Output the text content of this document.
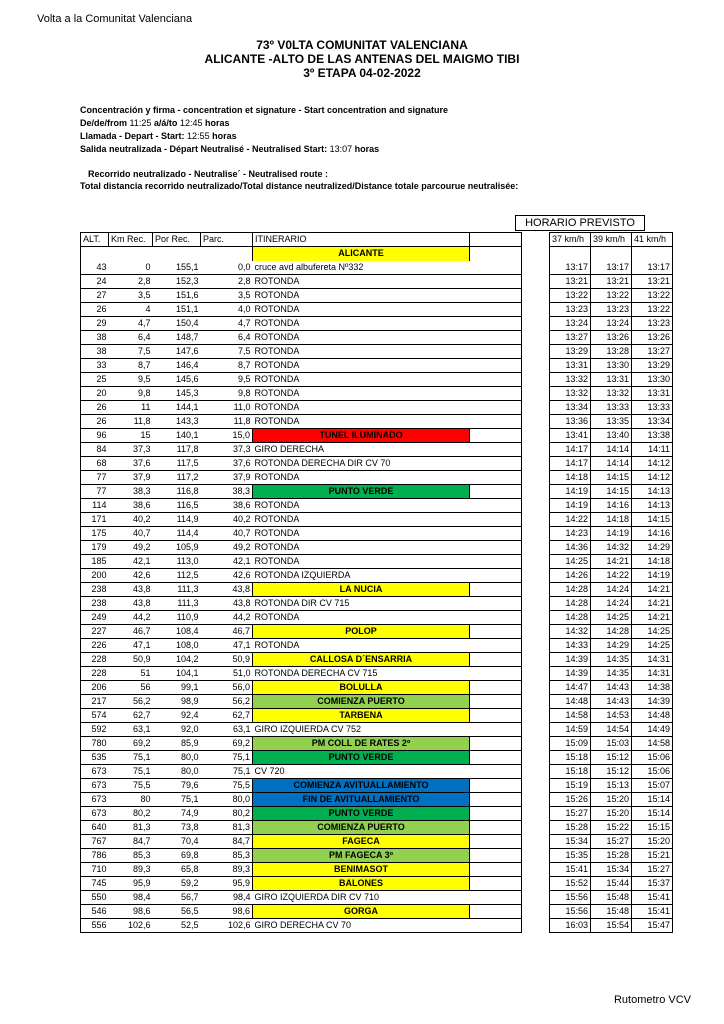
Volta a la Comunitat Valenciana
73º V0LTA COMUNITAT VALENCIANA
ALICANTE -ALTO DE LAS ANTENAS DEL MAIGMO TIBI
3º ETAPA 04-02-2022
Concentración y firma - concentration et signature - Start concentration and signature
De/de/from 11:25 a/á/to 12:45 horas
Llamada - Depart - Start: 12:55 horas
Salida neutralizada - Départ Neutralisé - Neutralised Start: 13:07 horas
Recorrido neutralizado - Neutralise´ - Neutralised route :
Total distancia recorrido neutralizado/Total distance neutralized/Distance totale parcourue neutralisée:
HORARIO PREVISTO
ALT.	Km Rec.	Por Rec.	Parc.	ITINERARIO			37 km/h	39 km/h	41 km/h
				ALICANTE					
43	0	155,1	0,0	cruce avd albufereta Nº332			13:17	13:17	13:17
24	2,8	152,3	2,8	ROTONDA			13:21	13:21	13:21
27	3,5	151,6	3,5	ROTONDA			13:22	13:22	13:22
26	4	151,1	4,0	ROTONDA			13:23	13:23	13:22
29	4,7	150,4	4,7	ROTONDA			13:24	13:24	13:23
38	6,4	148,7	6,4	ROTONDA			13:27	13:26	13:26
38	7,5	147,6	7,5	ROTONDA			13:29	13:28	13:27
33	8,7	146,4	8,7	ROTONDA			13:31	13:30	13:29
25	9,5	145,6	9,5	ROTONDA			13:32	13:31	13:30
20	9,8	145,3	9,8	ROTONDA			13:32	13:32	13:31
26	11	144,1	11,0	ROTONDA			13:34	13:33	13:33
26	11,8	143,3	11,8	ROTONDA			13:36	13:35	13:34
96	15	140,1	15,0	TUNEL ILUMINADO			13:41	13:40	13:38
84	37,3	117,8	37,3	GIRO DERECHA			14:17	14:14	14:11
68	37,6	117,5	37,6	ROTONDA DERECHA DIR CV 70			14:17	14:14	14:12
77	37,9	117,2	37,9	ROTONDA			14:18	14:15	14:12
77	38,3	116,8	38,3	PUNTO VERDE			14:19	14:15	14:13
114	38,6	116,5	38,6	ROTONDA			14:19	14:16	14:13
171	40,2	114,9	40,2	ROTONDA			14:22	14:18	14:15
175	40,7	114,4	40,7	ROTONDA			14:23	14:19	14:16
179	49,2	105,9	49,2	ROTONDA			14:36	14:32	14:29
185	42,1	113,0	42,1	ROTONDA			14:25	14:21	14:18
200	42,6	112,5	42,6	ROTONDA IZQUIERDA			14:26	14:22	14:19
238	43,8	111,3	43,8	LA NUCIA			14:28	14:24	14:21
238	43,8	111,3	43,8	ROTONDA DIR CV 715			14:28	14:24	14:21
249	44,2	110,9	44,2	ROTONDA			14:28	14:25	14:21
227	46,7	108,4	46,7	POLOP			14:32	14:28	14:25
226	47,1	108,0	47,1	ROTONDA			14:33	14:29	14:25
228	50,9	104,2	50,9	CALLOSA D´ENSARRIA			14:39	14:35	14:31
228	51	104,1	51,0	ROTONDA DERECHA CV 715			14:39	14:35	14:31
206	56	99,1	56,0	BOLULLA			14:47	14:43	14:38
217	56,2	98,9	56,2	COMIENZA PUERTO			14:48	14:43	14:39
574	62,7	92,4	62,7	TARBENA			14:58	14:53	14:48
592	63,1	92,0	63,1	GIRO IZQUIERDA CV 752			14:59	14:54	14:49
780	69,2	85,9	69,2	PM COLL DE RATES 2º			15:09	15:03	14:58
535	75,1	80,0	75,1	PUNTO VERDE			15:18	15:12	15:06
673	75,1	80,0	75,1	CV 720			15:18	15:12	15:06
673	75,5	79,6	75,5	COMIENZA AVITUALLAMIENTO			15:19	15:13	15:07
673	80	75,1	80,0	FIN DE AVITUALLAMIENTO			15:26	15:20	15:14
673	80,2	74,9	80,2	PUNTO VERDE			15:27	15:20	15:14
640	81,3	73,8	81,3	COMIENZA PUERTO			15:28	15:22	15:15
767	84,7	70,4	84,7	FAGECA			15:34	15:27	15:20
786	85,3	69,8	85,3	PM FAGECA 3º			15:35	15:28	15:21
710	89,3	65,8	89,3	BENIMASOT			15:41	15:34	15:27
745	95,9	59,2	95,9	BALONES			15:52	15:44	15:37
550	98,4	56,7	98,4	GIRO IZQUIERDA DIR CV 710			15:56	15:48	15:41
546	98,6	56,5	98,6	GORGA			15:56	15:48	15:41
556	102,6	52,5	102,6	GIRO DERECHA CV 70			16:03	15:54	15:47
Rutometro VCV
